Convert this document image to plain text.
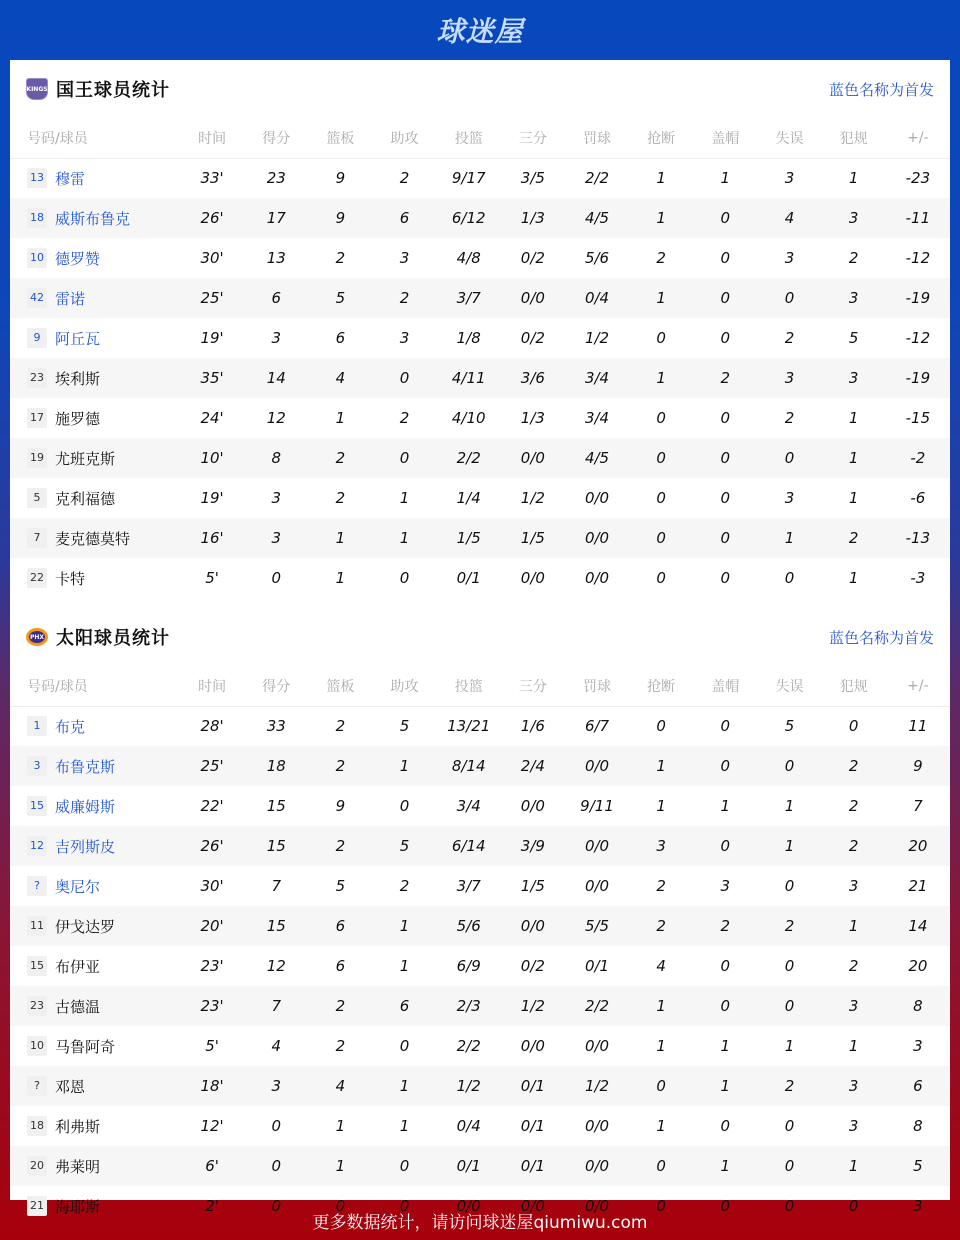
球迷屋
KINGS 国王球员统计	蓝色名称为首发
号码/球员	时间	得分	篮板	助攻	投篮	三分	罚球	抢断	盖帽	失误	犯规	+/-
13 穆雷	33'	23	9	2	9/17	3/5	2/2	1	1	3	1	-23
18 威斯布鲁克	26'	17	9	6	6/12	1/3	4/5	1	0	4	3	-11
10 德罗赞	30'	13	2	3	4/8	0/2	5/6	2	0	3	2	-12
42 雷诺	25'	6	5	2	3/7	0/0	0/4	1	0	0	3	-19
9 阿丘瓦	19'	3	6	3	1/8	0/2	1/2	0	0	2	5	-12
23 埃利斯	35'	14	4	0	4/11	3/6	3/4	1	2	3	3	-19
17 施罗德	24'	12	1	2	4/10	1/3	3/4	0	0	2	1	-15
19 尤班克斯	10'	8	2	0	2/2	0/0	4/5	0	0	0	1	-2
5 克利福德	19'	3	2	1	1/4	1/2	0/0	0	0	3	1	-6
7 麦克德莫特	16'	3	1	1	1/5	1/5	0/0	0	0	1	2	-13
22 卡特	5'	0	1	0	0/1	0/0	0/0	0	0	0	1	-3
PHX 太阳球员统计	蓝色名称为首发
号码/球员	时间	得分	篮板	助攻	投篮	三分	罚球	抢断	盖帽	失误	犯规	+/-
1 布克	28'	33	2	5	13/21	1/6	6/7	0	0	5	0	11
3 布鲁克斯	25'	18	2	1	8/14	2/4	0/0	1	0	0	2	9
15 威廉姆斯	22'	15	9	0	3/4	0/0	9/11	1	1	1	2	7
12 吉列斯皮	26'	15	2	5	6/14	3/9	0/0	3	0	1	2	20
? 奥尼尔	30'	7	5	2	3/7	1/5	0/0	2	3	0	3	21
11 伊戈达罗	20'	15	6	1	5/6	0/0	5/5	2	2	2	1	14
15 布伊亚	23'	12	6	1	6/9	0/2	0/1	4	0	0	2	20
23 古德温	23'	7	2	6	2/3	1/2	2/2	1	0	0	3	8
10 马鲁阿奇	5'	4	2	0	2/2	0/0	0/0	1	1	1	1	3
? 邓恩	18'	3	4	1	1/2	0/1	1/2	0	1	2	3	6
18 利弗斯	12'	0	1	1	0/4	0/1	0/0	1	0	0	3	8
20 弗莱明	6'	0	1	0	0/1	0/1	0/0	0	1	0	1	5
21 海耶斯	2'	0	0	0	0/0	0/0	0/0	0	0	0	0	3
更多数据统计，请访问球迷屋qiumiwu.com
